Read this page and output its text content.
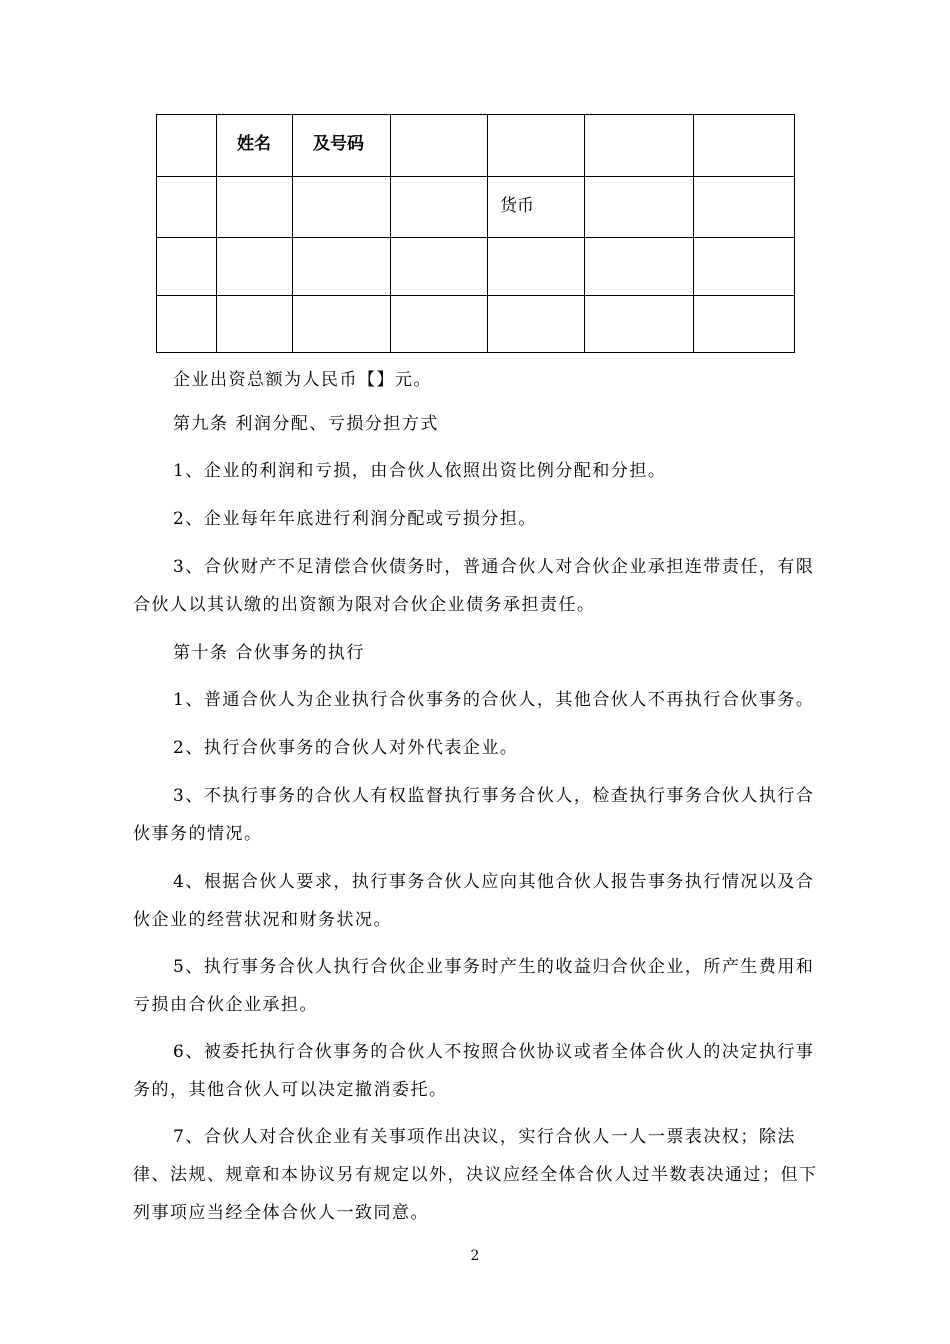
	姓名	及号码				

				货币		

企业出资总额为人民币【】元。

第九条 利润分配、亏损分担方式

1、企业的利润和亏损，由合伙人依照出资比例分配和分担。

2、企业每年年底进行利润分配或亏损分担。

3、合伙财产不足清偿合伙债务时，普通合伙人对合伙企业承担连带责任，有限合伙人以其认缴的出资额为限对合伙企业债务承担责任。

第十条 合伙事务的执行

1、普通合伙人为企业执行合伙事务的合伙人，其他合伙人不再执行合伙事务。

2、执行合伙事务的合伙人对外代表企业。

3、不执行事务的合伙人有权监督执行事务合伙人，检查执行事务合伙人执行合伙事务的情况。

4、根据合伙人要求，执行事务合伙人应向其他合伙人报告事务执行情况以及合伙企业的经营状况和财务状况。

5、执行事务合伙人执行合伙企业事务时产生的收益归合伙企业，所产生费用和亏损由合伙企业承担。

6、被委托执行合伙事务的合伙人不按照合伙协议或者全体合伙人的决定执行事务的，其他合伙人可以决定撤消委托。

7、合伙人对合伙企业有关事项作出决议，实行合伙人一人一票表决权；除法律、法规、规章和本协议另有规定以外，决议应经全体合伙人过半数表决通过；但下列事项应当经全体合伙人一致同意。

2
